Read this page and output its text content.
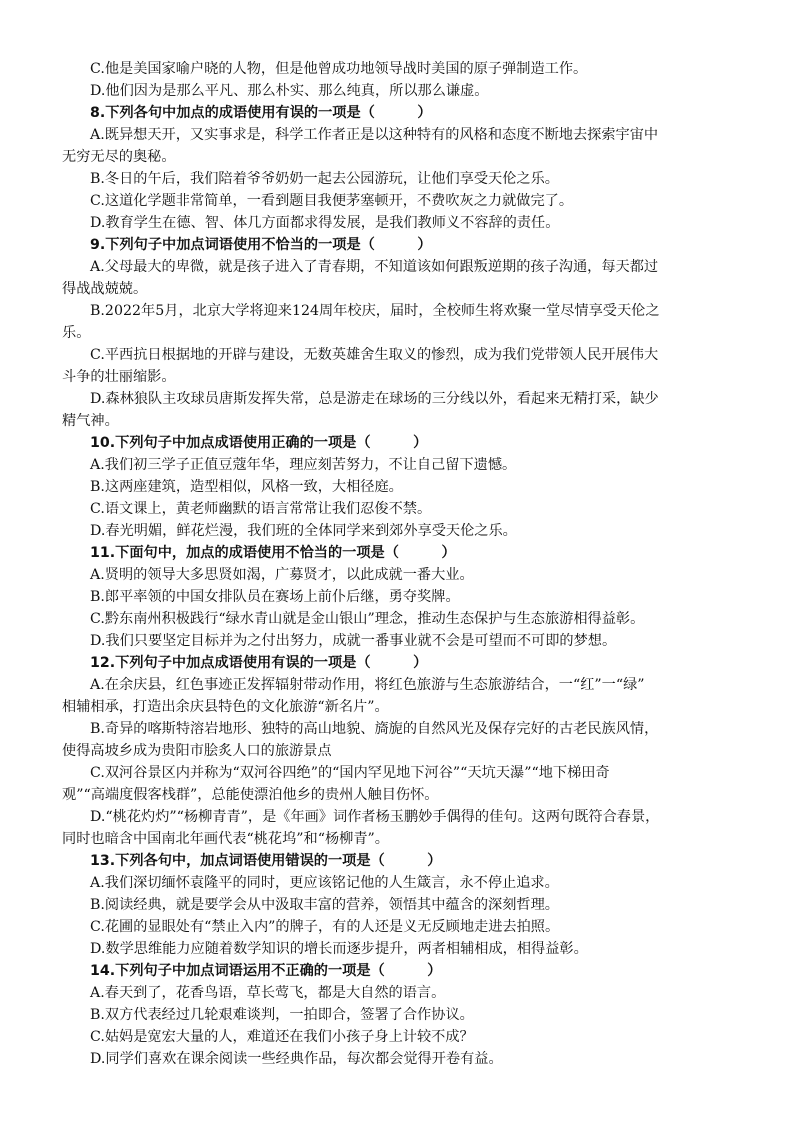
C.他是美国家喻户晓的人物，但是他曾成功地领导战时美国的原子弹制造工作。
D.他们因为是那么平凡、那么朴实、那么纯真，所以那么谦虚。
8.下列各句中加点的成语使用有误的一项是（　　　）
A.既异想天开，又实事求是，科学工作者正是以这种特有的风格和态度不断地去探索宇宙中
无穷无尽的奥秘。
B.冬日的午后，我们陪着爷爷奶奶一起去公园游玩，让他们享受天伦之乐。
C.这道化学题非常简单，一看到题目我便茅塞顿开，不费吹灰之力就做完了。
D.教育学生在德、智、体几方面都求得发展，是我们教师义不容辞的责任。
9.下列句子中加点词语使用不恰当的一项是（　　　）
A.父母最大的卑微，就是孩子进入了青春期，不知道该如何跟叛逆期的孩子沟通，每天都过
得战战兢兢。
B.2022年5月，北京大学将迎来124周年校庆，届时，全校师生将欢聚一堂尽情享受天伦之
乐。
C.平西抗日根据地的开辟与建设，无数英雄舍生取义的惨烈，成为我们党带领人民开展伟大
斗争的壮丽缩影。
D.森林狼队主攻球员唐斯发挥失常，总是游走在球场的三分线以外，看起来无精打采，缺少
精气神。
10.下列句子中加点成语使用正确的一项是（　　　）
A.我们初三学子正值豆蔻年华，理应刻苦努力，不让自己留下遗憾。
B.这两座建筑，造型相似，风格一致，大相径庭。
C.语文课上，黄老师幽默的语言常常让我们忍俊不禁。
D.春光明媚，鲜花烂漫，我们班的全体同学来到郊外享受天伦之乐。
11.下面句中，加点的成语使用不恰当的一项是（　　　）
A.贤明的领导大多思贤如渴，广募贤才，以此成就一番大业。
B.郎平率领的中国女排队员在赛场上前仆后继，勇夺奖牌。
C.黔东南州积极践行“绿水青山就是金山银山”理念，推动生态保护与生态旅游相得益彰。
D.我们只要坚定目标并为之付出努力，成就一番事业就不会是可望而不可即的梦想。
12.下列句子中加点成语使用有误的一项是（　　　）
A.在余庆县，红色事迹正发挥辐射带动作用，将红色旅游与生态旅游结合，一“红”一“绿”
相辅相承，打造出余庆县特色的文化旅游“新名片”。
B.奇异的喀斯特溶岩地形、独特的高山地貌、旖旎的自然风光及保存完好的古老民族风情，
使得高坡乡成为贵阳市脍炙人口的旅游景点
C.双河谷景区内并称为“双河谷四绝”的“国内罕见地下河谷”“天坑天瀑”“地下梯田奇
观”“高端度假客栈群”，总能使漂泊他乡的贵州人触目伤怀。
D.“桃花灼灼”“杨柳青青”，是《年画》词作者杨玉鹏妙手偶得的佳句。这两句既符合春景，
同时也暗含中国南北年画代表“桃花坞”和“杨柳青”。
13.下列各句中，加点词语使用错误的一项是（　　　）
A.我们深切缅怀袁隆平的同时，更应该铭记他的人生箴言，永不停止追求。
B.阅读经典，就是要学会从中汲取丰富的营养，领悟其中蕴含的深刻哲理。
C.花圃的显眼处有“禁止入内”的牌子，有的人还是义无反顾地走进去拍照。
D.数学思维能力应随着数学知识的增长而逐步提升，两者相辅相成，相得益彰。
14.下列句子中加点词语运用不正确的一项是（　　　）
A.春天到了，花香鸟语，草长莺飞，都是大自然的语言。
B.双方代表经过几轮艰难谈判，一拍即合，签署了合作协议。
C.姑妈是宽宏大量的人，难道还在我们小孩子身上计较不成？
D.同学们喜欢在课余阅读一些经典作品，每次都会觉得开卷有益。
